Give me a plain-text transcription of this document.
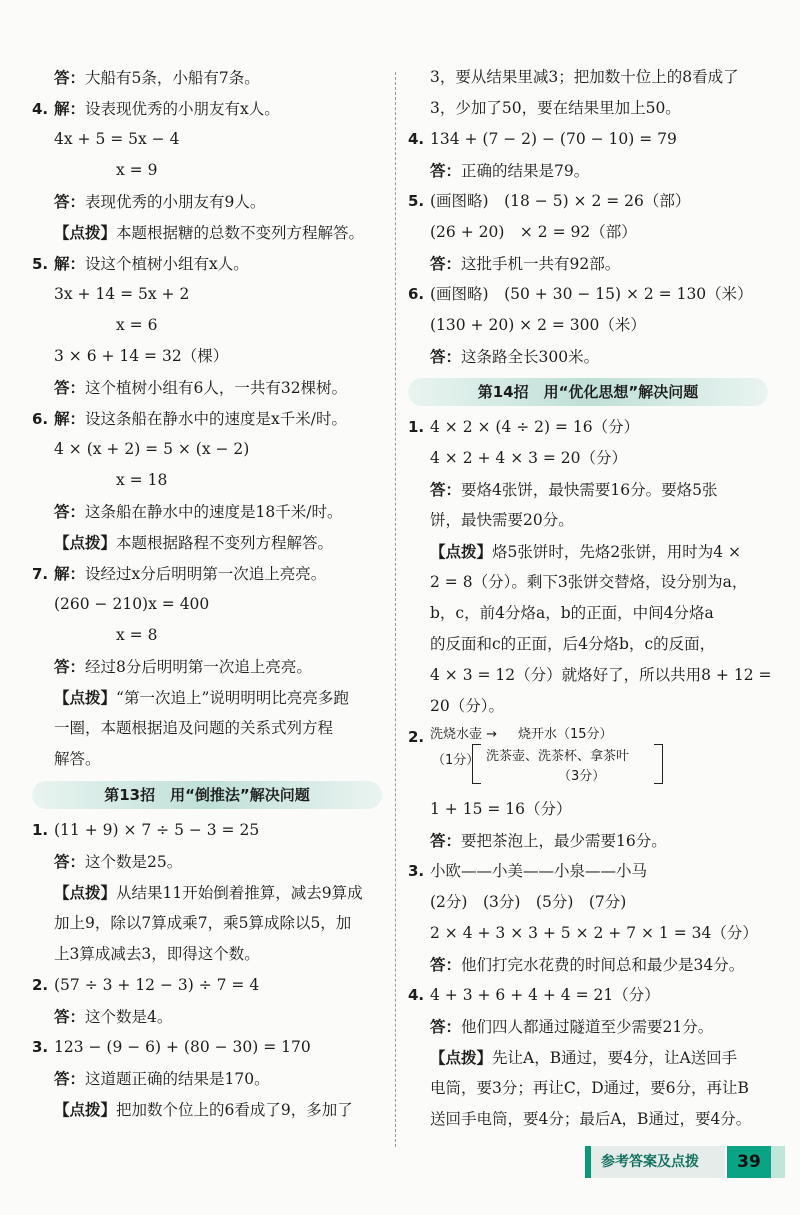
答：大船有5条，小船有7条。
4. 解：设表现优秀的小朋友有x人。
4x + 5 = 5x − 4
x = 9
答：表现优秀的小朋友有9人。
【点拨】本题根据糖的总数不变列方程解答。
5. 解：设这个植树小组有x人。
3x + 14 = 5x + 2
x = 6
3 × 6 + 14 = 32（棵）
答：这个植树小组有6人，一共有32棵树。
6. 解：设这条船在静水中的速度是x千米/时。
4 × (x + 2) = 5 × (x − 2)
x = 18
答：这条船在静水中的速度是18千米/时。
【点拨】本题根据路程不变列方程解答。
7. 解：设经过x分后明明第一次追上亮亮。
(260 − 210)x = 400
x = 8
答：经过8分后明明第一次追上亮亮。
【点拨】“第一次追上”说明明明比亮亮多跑
一圈，本题根据追及问题的关系式列方程
解答。
第13招　用“倒推法”解决问题
1. (11 + 9) × 7 ÷ 5 − 3 = 25
答：这个数是25。
【点拨】从结果11开始倒着推算，减去9算成
加上9，除以7算成乘7，乘5算成除以5，加
上3算成减去3，即得这个数。
2. (57 ÷ 3 + 12 − 3) ÷ 7 = 4
答：这个数是4。
3. 123 − (9 − 6) + (80 − 30) = 170
答：这道题正确的结果是170。
【点拨】把加数个位上的6看成了9，多加了
3，要从结果里减3；把加数十位上的8看成了
3，少加了50，要在结果里加上50。
4. 134 + (7 − 2) − (70 − 10) = 79
答：正确的结果是79。
5. (画图略)　(18 − 5) × 2 = 26（部）
(26 + 20)　× 2 = 92（部）
答：这批手机一共有92部。
6. (画图略)　(50 + 30 − 15) × 2 = 130（米）
(130 + 20) × 2 = 300（米）
答：这条路全长300米。
第14招　用“优化思想”解决问题
1. 4 × 2 × (4 ÷ 2) = 16（分）
4 × 2 + 4 × 3 = 20（分）
答：要烙4张饼，最快需要16分。要烙5张
饼，最快需要20分。
【点拨】烙5张饼时，先烙2张饼，用时为4 ×
2 = 8（分）。剩下3张饼交替烙，设分别为a，
b，c，前4分烙a，b的正面，中间4分烙a
的反面和c的正面，后4分烙b，c的反面，
4 × 3 = 12（分）就烙好了，所以共用8 + 12 =
20（分）。
2. 洗烧水壶 → 烧开水（15分）
（1分） 洗茶壶、洗茶杯、拿茶叶
（3分）
1 + 15 = 16（分）
答：要把茶泡上，最少需要16分。
3. 小欧——小美——小泉——小马
(2分)　(3分)　(5分)　(7分)
2 × 4 + 3 × 3 + 5 × 2 + 7 × 1 = 34（分）
答：他们打完水花费的时间总和最少是34分。
4. 4 + 3 + 6 + 4 + 4 = 21（分）
答：他们四人都通过隧道至少需要21分。
【点拨】先让A，B通过，要4分，让A送回手
电筒，要3分；再让C，D通过，要6分，再让B
送回手电筒，要4分；最后A，B通过，要4分。
参考答案及点拨	39
